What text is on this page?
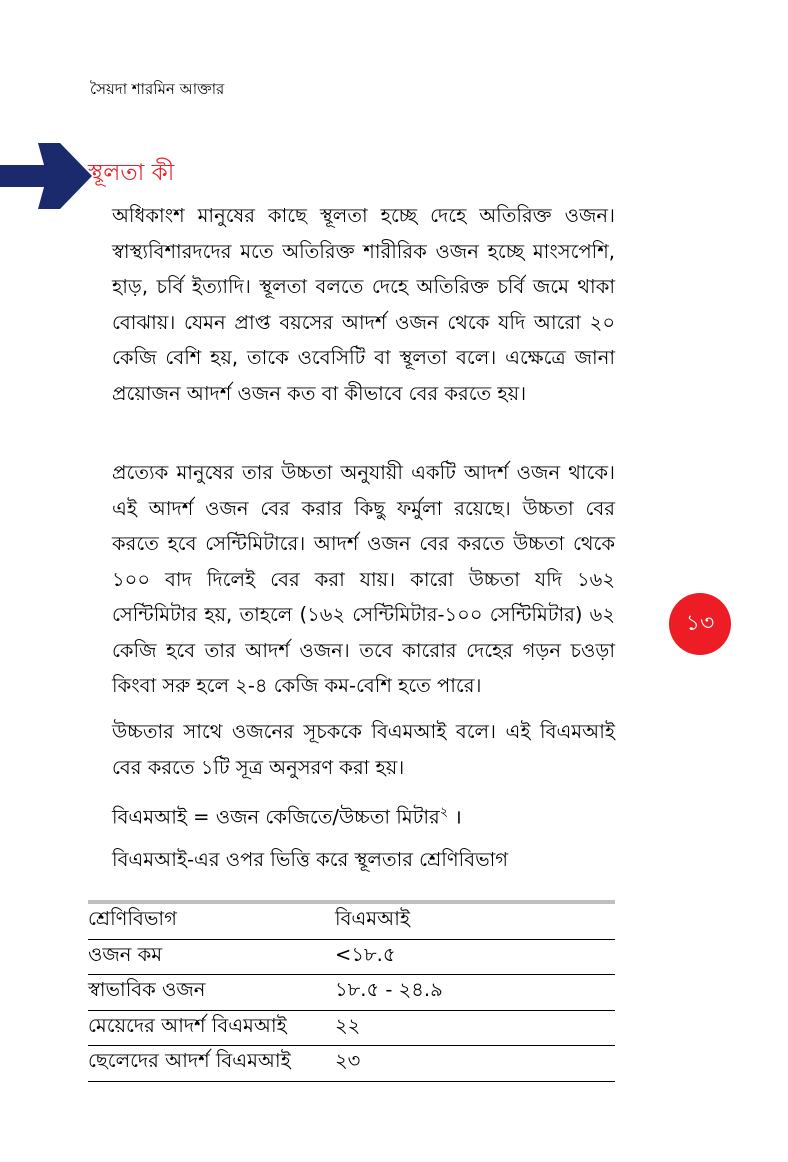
সৈয়দা শারমিন আক্তার
স্থূলতা কী

অধিকাংশ মানুষের কাছে স্থূলতা হচ্ছে দেহে অতিরিক্ত ওজন। স্বাস্থ্যবিশারদদের মতে অতিরিক্ত শারীরিক ওজন হচ্ছে মাংসপেশি, হাড়, চর্বি ইত্যাদি। স্থূলতা বলতে দেহে অতিরিক্ত চর্বি জমে থাকা বোঝায়। যেমন প্রাপ্ত বয়সের আদর্শ ওজন থেকে যদি আরো ২০ কেজি বেশি হয়, তাকে ওবেসিটি বা স্থূলতা বলে। এক্ষেত্রে জানা প্রয়োজন আদর্শ ওজন কত বা কীভাবে বের করতে হয়।

প্রত্যেক মানুষের তার উচ্চতা অনুযায়ী একটি আদর্শ ওজন থাকে। এই আদর্শ ওজন বের করার কিছু ফর্মুলা রয়েছে। উচ্চতা বের করতে হবে সেন্টিমিটারে। আদর্শ ওজন বের করতে উচ্চতা থেকে ১০০ বাদ দিলেই বের করা যায়। কারো উচ্চতা যদি ১৬২ সেন্টিমিটার হয়, তাহলে (১৬২ সেন্টিমিটার-১০০ সেন্টিমিটার) ৬২ কেজি হবে তার আদর্শ ওজন। তবে কারোর দেহের গড়ন চওড়া কিংবা সরু হলে ২-৪ কেজি কম-বেশি হতে পারে।

উচ্চতার সাথে ওজনের সূচককে বিএমআই বলে। এই বিএমআই বের করতে ১টি সূত্র অনুসরণ করা হয়।

বিএমআই = ওজন কেজিতে/উচ্চতা মিটার$^২$ ।

বিএমআই-এর ওপর ভিত্তি করে স্থূলতার শ্রেণিবিভাগ

১৩
শ্রেণিবিভাগ	বিএমআই
ওজন কম	<১৮.৫
স্বাভাবিক ওজন	১৮.৫ - ২৪.৯
মেয়েদের আদর্শ বিএমআই	২২
ছেলেদের আদর্শ বিএমআই	২৩
